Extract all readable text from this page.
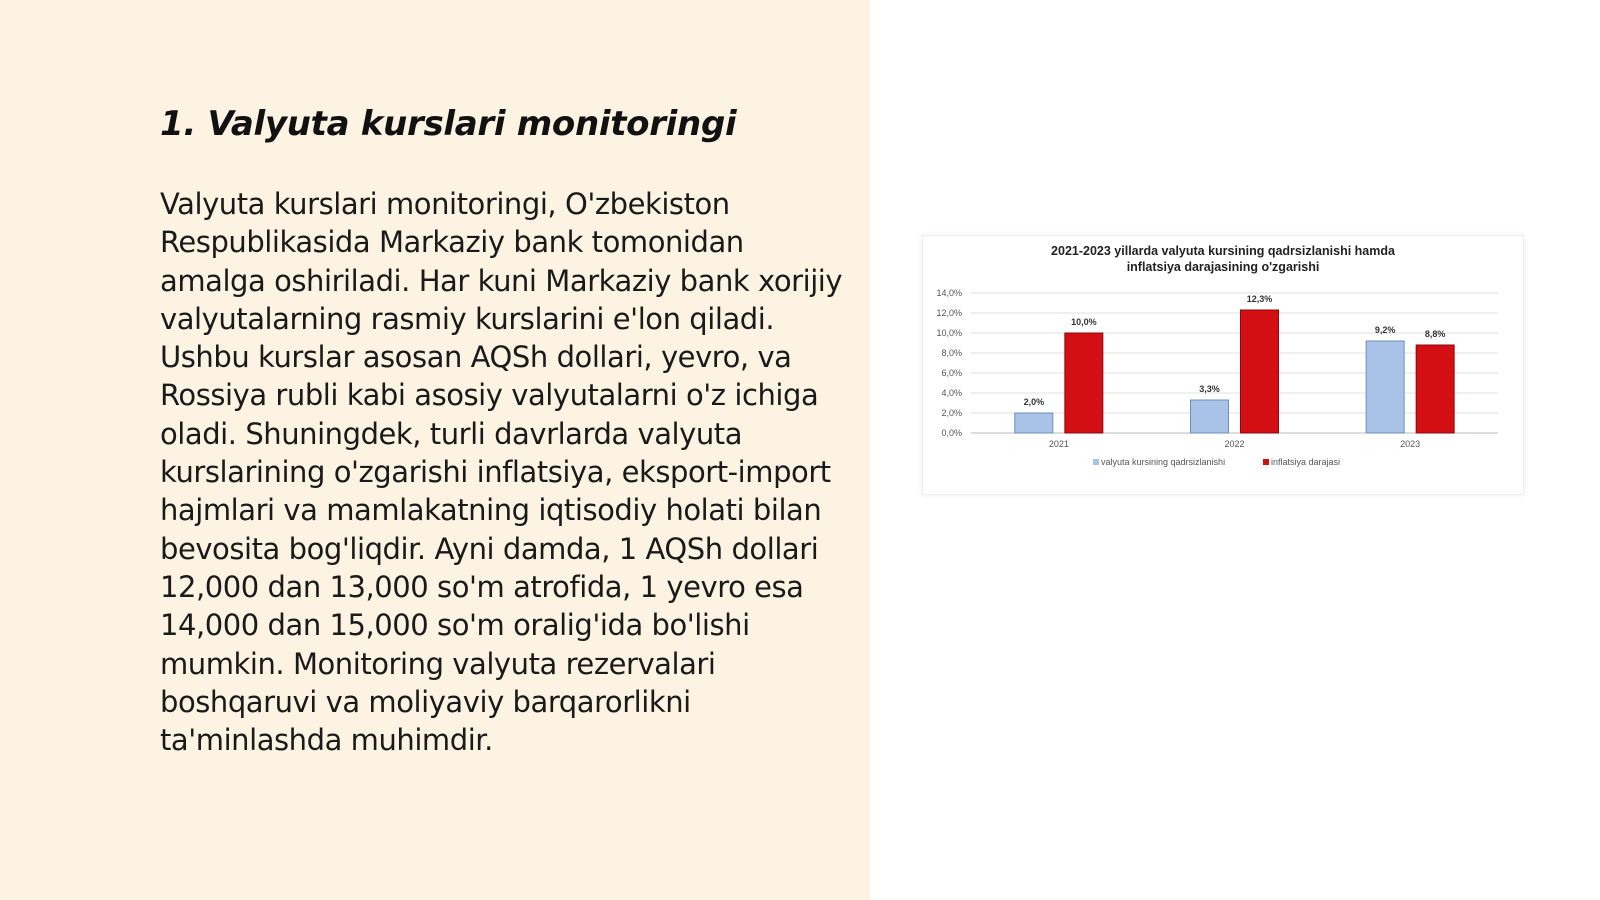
1. Valyuta kurslari monitoringi

Valyuta kurslari monitoringi, O'zbekiston Respublikasida Markaziy bank tomonidan amalga oshiriladi. Har kuni Markaziy bank xorijiy valyutalarning rasmiy kurslarini e'lon qiladi. Ushbu kurslar asosan AQSh dollari, yevro, va Rossiya rubli kabi asosiy valyutalarni o'z ichiga oladi. Shuningdek, turli davrlarda valyuta kurslarining o'zgarishi inflatsiya, eksport-import hajmlari va mamlakatning iqtisodiy holati bilan bevosita bog'liqdir. Ayni damda, 1 AQSh dollari 12,000 dan 13,000 so'm atrofida, 1 yevro esa 14,000 dan 15,000 so'm oralig'ida bo'lishi mumkin. Monitoring valyuta rezervalari boshqaruvi va moliyaviy barqarorlikni ta'minlashda muhimdir.

2021-2023 yillarda valyuta kursining qadrsizlanishi hamda
inflatsiya darajasining o'zgarishi
0,0%
2,0%
4,0%
6,0%
8,0%
10,0%
12,0%
14,0%
2,0%
10,0%
3,3%
12,3%
9,2%	8,8%
2021	2022	2023
valyuta kursining qadrsizlanishi	inflatsiya darajasi
